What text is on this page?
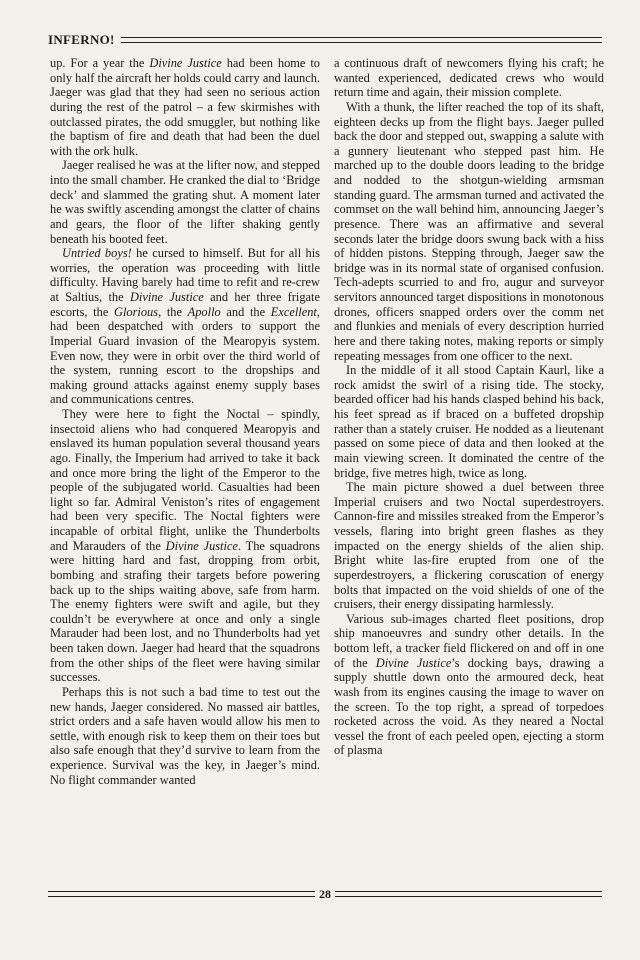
INFERNO!

up. For a year the Divine Justice had been home to only half the aircraft her holds could carry and launch. Jaeger was glad that they had seen no serious action during the rest of the patrol – a few skirmishes with outclassed pirates, the odd smuggler, but nothing like the baptism of fire and death that had been the duel with the ork hulk.

Jaeger realised he was at the lifter now, and stepped into the small chamber. He cranked the dial to ‘Bridge deck’ and slammed the grating shut. A moment later he was swiftly ascending amongst the clatter of chains and gears, the floor of the lifter shaking gently beneath his booted feet.

Untried boys! he cursed to himself. But for all his worries, the operation was proceeding with little difficulty. Having barely had time to refit and re-crew at Saltius, the Divine Justice and her three frigate escorts, the Glorious, the Apollo and the Excellent, had been despatched with orders to support the Imperial Guard invasion of the Mearopyis system. Even now, they were in orbit over the third world of the system, running escort to the dropships and making ground attacks against enemy supply bases and communications centres.

They were here to fight the Noctal – spindly, insectoid aliens who had conquered Mearopyis and enslaved its human population several thousand years ago. Finally, the Imperium had arrived to take it back and once more bring the light of the Emperor to the people of the subjugated world. Casualties had been light so far. Admiral Veniston’s rites of engagement had been very specific. The Noctal fighters were incapable of orbital flight, unlike the Thunderbolts and Marauders of the Divine Justice. The squadrons were hitting hard and fast, dropping from orbit, bombing and strafing their targets before powering back up to the ships waiting above, safe from harm. The enemy fighters were swift and agile, but they couldn’t be everywhere at once and only a single Marauder had been lost, and no Thunderbolts had yet been taken down. Jaeger had heard that the squadrons from the other ships of the fleet were having similar successes.

Perhaps this is not such a bad time to test out the new hands, Jaeger considered. No massed air battles, strict orders and a safe haven would allow his men to settle, with enough risk to keep them on their toes but also safe enough that they’d survive to learn from the experience. Survival was the key, in Jaeger’s mind. No flight commander wanted

a continuous draft of newcomers flying his craft; he wanted experienced, dedicated crews who would return time and again, their mission complete.

With a thunk, the lifter reached the top of its shaft, eighteen decks up from the flight bays. Jaeger pulled back the door and stepped out, swapping a salute with a gunnery lieutenant who stepped past him. He marched up to the double doors leading to the bridge and nodded to the shotgun-wielding armsman standing guard. The armsman turned and activated the commset on the wall behind him, announcing Jaeger’s presence. There was an affirmative and several seconds later the bridge doors swung back with a hiss of hidden pistons. Stepping through, Jaeger saw the bridge was in its normal state of organised confusion. Tech-adepts scurried to and fro, augur and surveyor servitors announced target dispositions in monotonous drones, officers snapped orders over the comm net and flunkies and menials of every description hurried here and there taking notes, making reports or simply repeating messages from one officer to the next.

In the middle of it all stood Captain Kaurl, like a rock amidst the swirl of a rising tide. The stocky, bearded officer had his hands clasped behind his back, his feet spread as if braced on a buffeted dropship rather than a stately cruiser. He nodded as a lieutenant passed on some piece of data and then looked at the main viewing screen. It dominated the centre of the bridge, five metres high, twice as long.

The main picture showed a duel between three Imperial cruisers and two Noctal superdestroyers. Cannon-fire and missiles streaked from the Emperor’s vessels, flaring into bright green flashes as they impacted on the energy shields of the alien ship. Bright white las-fire erupted from one of the superdestroyers, a flickering coruscation of energy bolts that impacted on the void shields of one of the cruisers, their energy dissipating harmlessly.

Various sub-images charted fleet positions, drop ship manoeuvres and sundry other details. In the bottom left, a tracker field flickered on and off in one of the Divine Justice’s docking bays, drawing a supply shuttle down onto the armoured deck, heat wash from its engines causing the image to waver on the screen. To the top right, a spread of torpedoes rocketed across the void. As they neared a Noctal vessel the front of each peeled open, ejecting a storm of plasma

28
